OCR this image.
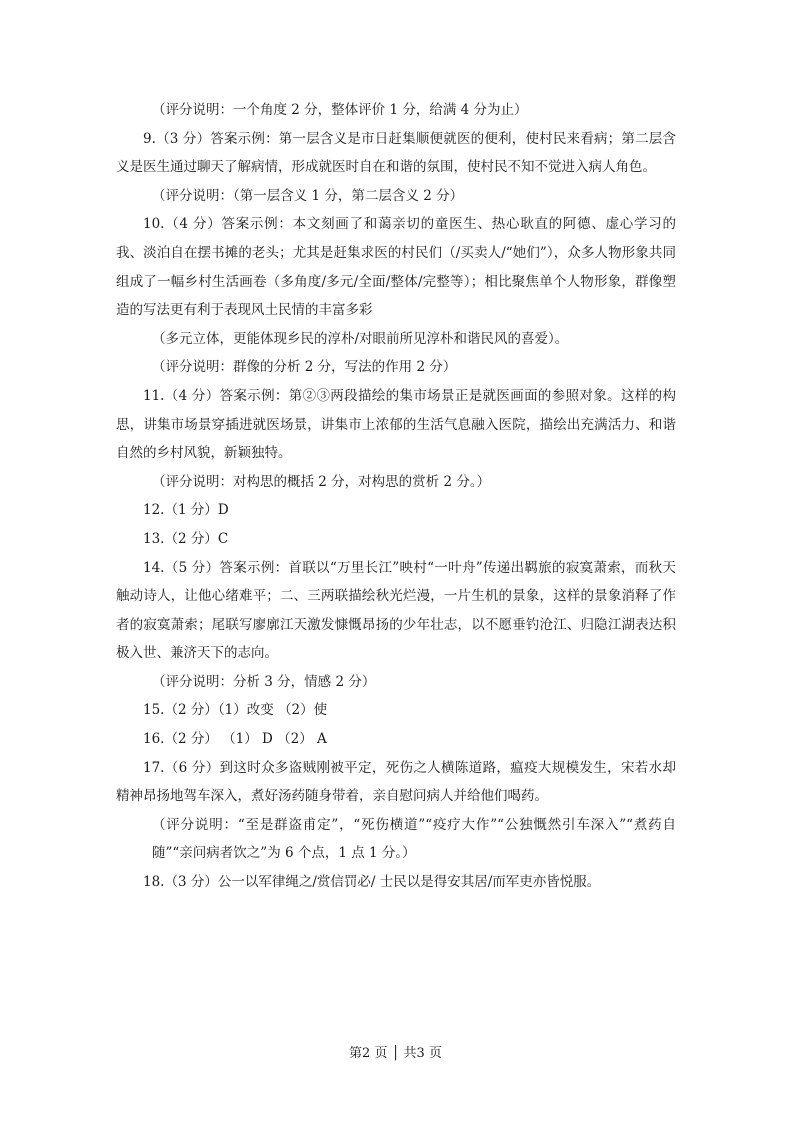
（评分说明：一个角度 2 分，整体评价 1 分，给满 4 分为止）

9.（3 分）答案示例：第一层含义是市日赶集顺便就医的便利，使村民来看病；第二层含义是医生通过聊天了解病情，形成就医时自在和谐的氛围，使村民不知不觉进入病人角色。

（评分说明：（第一层含义 1 分，第二层含义 2 分）

10.（4 分）答案示例：本文刻画了和蔼亲切的童医生、热心耿直的阿德、虚心学习的我、淡泊自在摆书摊的老头；尤其是赶集求医的村民们（/买卖人/“她们”），众多人物形象共同组成了一幅乡村生活画卷（多角度/多元/全面/整体/完整等）；相比聚焦单个人物形象，群像塑造的写法更有利于表现风土民情的丰富多彩

（多元立体，更能体现乡民的淳朴/对眼前所见淳朴和谐民风的喜爱）。

（评分说明：群像的分析 2 分，写法的作用 2 分）

11.（4 分）答案示例：第②③两段描绘的集市场景正是就医画面的参照对象。这样的构思，讲集市场景穿插进就医场景，讲集市上浓郁的生活气息融入医院，描绘出充满活力、和谐自然的乡村风貌，新颖独特。

（评分说明：对构思的概括 2 分，对构思的赏析 2 分。）

12.（1 分）D

13.（2 分）C

14.（5 分）答案示例：首联以“万里长江”映村“一叶舟”传递出羁旅的寂寞萧索，而秋天触动诗人，让他心绪难平；二、三两联描绘秋光烂漫，一片生机的景象，这样的景象消释了作者的寂寞萧索；尾联写廖廓江天激发慷慨昂扬的少年壮志，以不愿垂钓沧江、归隐江湖表达积极入世、兼济天下的志向。

（评分说明：分析 3 分，情感 2 分）

15.（2 分）（1）改变 （2）使

16.（2 分） （1） D （2） A

17.（6 分）到这时众多盗贼刚被平定，死伤之人横陈道路，瘟疫大规模发生，宋若水却精神昂扬地驾车深入，煮好汤药随身带着，亲自慰问病人并给他们喝药。

（评分说明：“至是群盗甫定”，“死伤横道”“疫疗大作”“公独慨然引车深入”“煮药自随”“亲问病者饮之”为 6 个点，1 点 1 分。）

18.（3 分）公一以军律绳之/赏信罚必/ 士民以是得安其居/而军吏亦皆悦服。

第2 页 │ 共3 页
